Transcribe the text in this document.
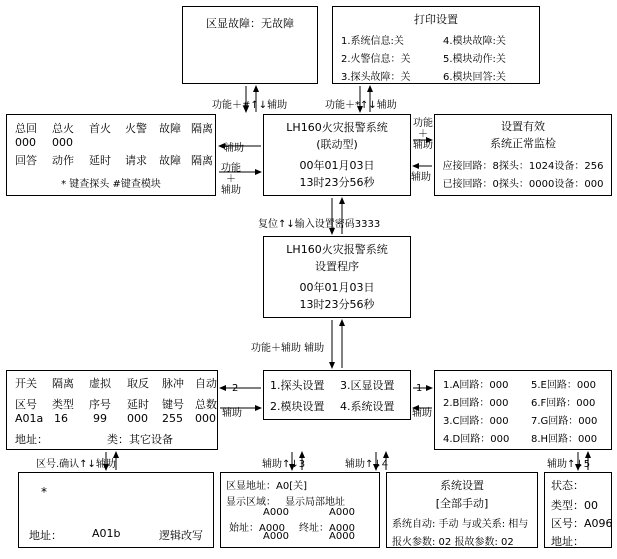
区显故障：无故障	打印设置
1.系统信息:关	4.模块故障:关
2.火警信息：关	5.模块动作:关
3.探头故障：关	6.模块回答:关
功能＋#↑↓辅助	功能＋*↑↓辅助
总回 总火 首火 火警 故障 隔离
000 000
回答 动作 延时 请求 故障 隔离
* 键查探头 #键查模块
LH160火灾报警系统
(联动型)
00年01月03日
13时23分56秒
设置有效
系统正常监检
应接回路：8探头：1024设备：256
已接回路：0探头：0000设备：000
辅助
功能
＋
辅助
功能
＋
辅助
辅助
复位↑↓输入设置密码3333
LH160火灾报警系统
设置程序
00年01月03日
13时23分56秒
功能＋辅助 辅助
开关 隔离 虚拟 取反 脉冲 自动
区号 类型 序号 延时 键号 总数
A01a 16 99 000 255 000
地址：	类：其它设备
1.探头设置 3.区显设置
2.模块设置 4.系统设置
1.A回路：000 5.E回路：000
2.B回路：000 6.F回路：000
3.C回路：000 7.G回路：000
4.D回路：000 8.H回路：000
2
辅助
1
辅助
区号.确认↑↓辅助	辅助↑↓3	辅助↑↓4	辅助↑↓5
*
地址：	A01b	逻辑改写
区显地址：A0[关]
显示区域： 显示局部地址
A000	A000
始址：A000 终址：A000
A000	A000
系统设置
[全部手动]
系统自动: 手动 与或关系: 相与
报火参数: 02 报故参数: 02
状态：
类型：00
区号：A096
地址：
